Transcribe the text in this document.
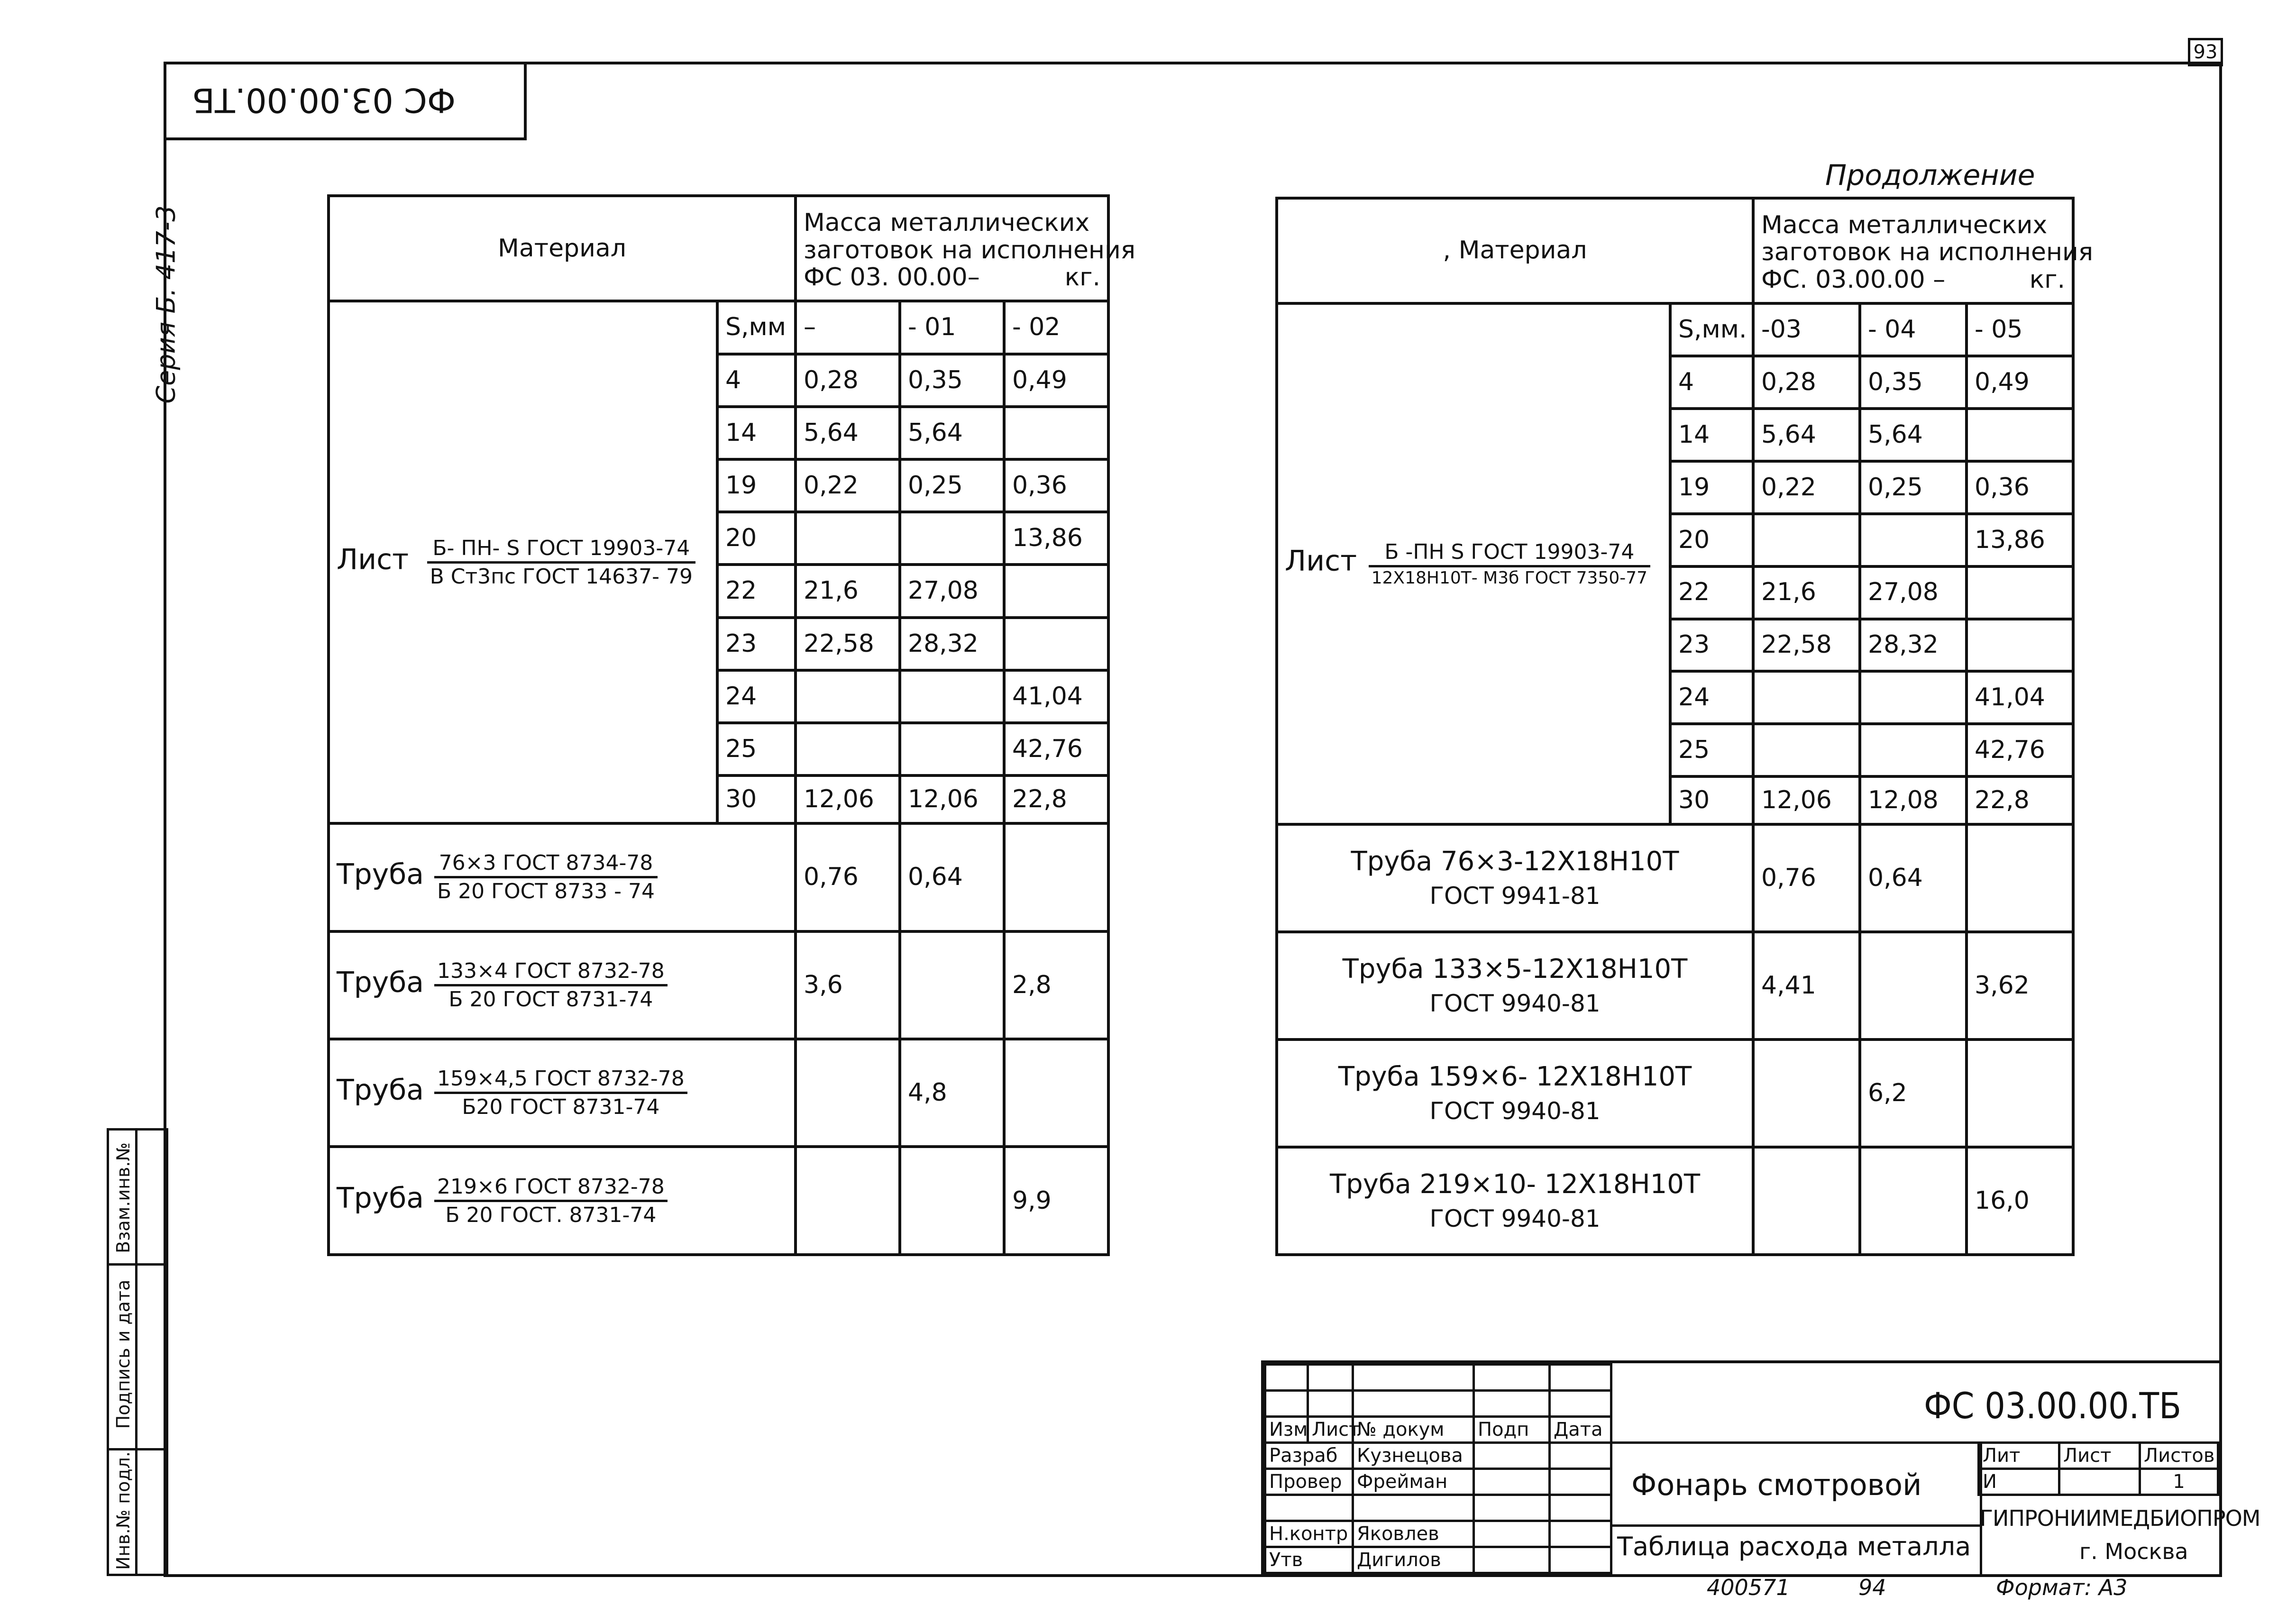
93
ФС 03.00.00.ТБ
Серия Б. 417-3
Продолжение
Материал		Масса металлических
заготовок на исполнения
ФС 03. 00.00– кг.		

Лист $\frac{\text{Б- ПН- S ГОСТ 19903-74}}{\text{В Ст3пс ГОСТ 14637- 79}}$	S,мм	–	- 01	- 02
	4	0,28	0,35	0,49
	14	5,64	5,64	
	19	0,22	0,25	0,36
	20			13,86
	22	21,6	27,08	
	23	22,58	28,32	
	24			41,04
	25			42,76
	30	12,06	12,06	22,8
Труба $\frac{\text{76×3 ГОСТ 8734-78}}{\text{Б 20 ГОСТ 8733 - 74}}$		0,76	0,64	
Труба $\frac{\text{133×4 ГОСТ 8732-78}}{\text{Б 20 ГОСТ 8731-74}}$		3,6		2,8
Труба $\frac{\text{159×4,5 ГОСТ 8732-78}}{\text{Б20 ГОСТ 8731-74}}$			4,8	
Труба $\frac{\text{219×6 ГОСТ 8732-78}}{\text{Б 20 ГОСТ. 8731-74}}$				9,9
, Материал		Масса металлических
заготовок на исполнения
ФС. 03.00.00 – кг.		

Лист $\frac{\text{Б -ПН S ГОСТ 19903-74}}{\text{12Х18Н10Т- М3б ГОСТ 7350-77}}$	S,мм.	-03	- 04	- 05
	4	0,28	0,35	0,49
	14	5,64	5,64	
	19	0,22	0,25	0,36
	20			13,86
	22	21,6	27,08	
	23	22,58	28,32	
	24			41,04
	25			42,76
	30	12,06	12,08	22,8

Труба 76×3-12Х18Н10Т
ГОСТ 9941-81		0,76	0,64	

Труба 133×5-12Х18Н10Т
ГОСТ 9940-81		4,41		3,62

Труба 159×6- 12Х18Н10Т
ГОСТ 9940-81			6,2	

Труба 219×10- 12Х18Н10Т
ГОСТ 9940-81				16,0
Взам.инв.№
Подпись и дата
Инв.№ подл.

Изм	Лист	№ докум	Подп	Дата
Разраб		Кузнецова		
Провер		Фрейман		

Н.контр		Яковлев		
Утв		Дигилов		
ФС 03.00.00.ТБ
Фонарь смотровой
Таблица расхода металла
Лит	Лист	Листов
И		1
ГИПРОНИИМЕДБИОПРОМ
г. Москва
400571	94	Формат: А3
